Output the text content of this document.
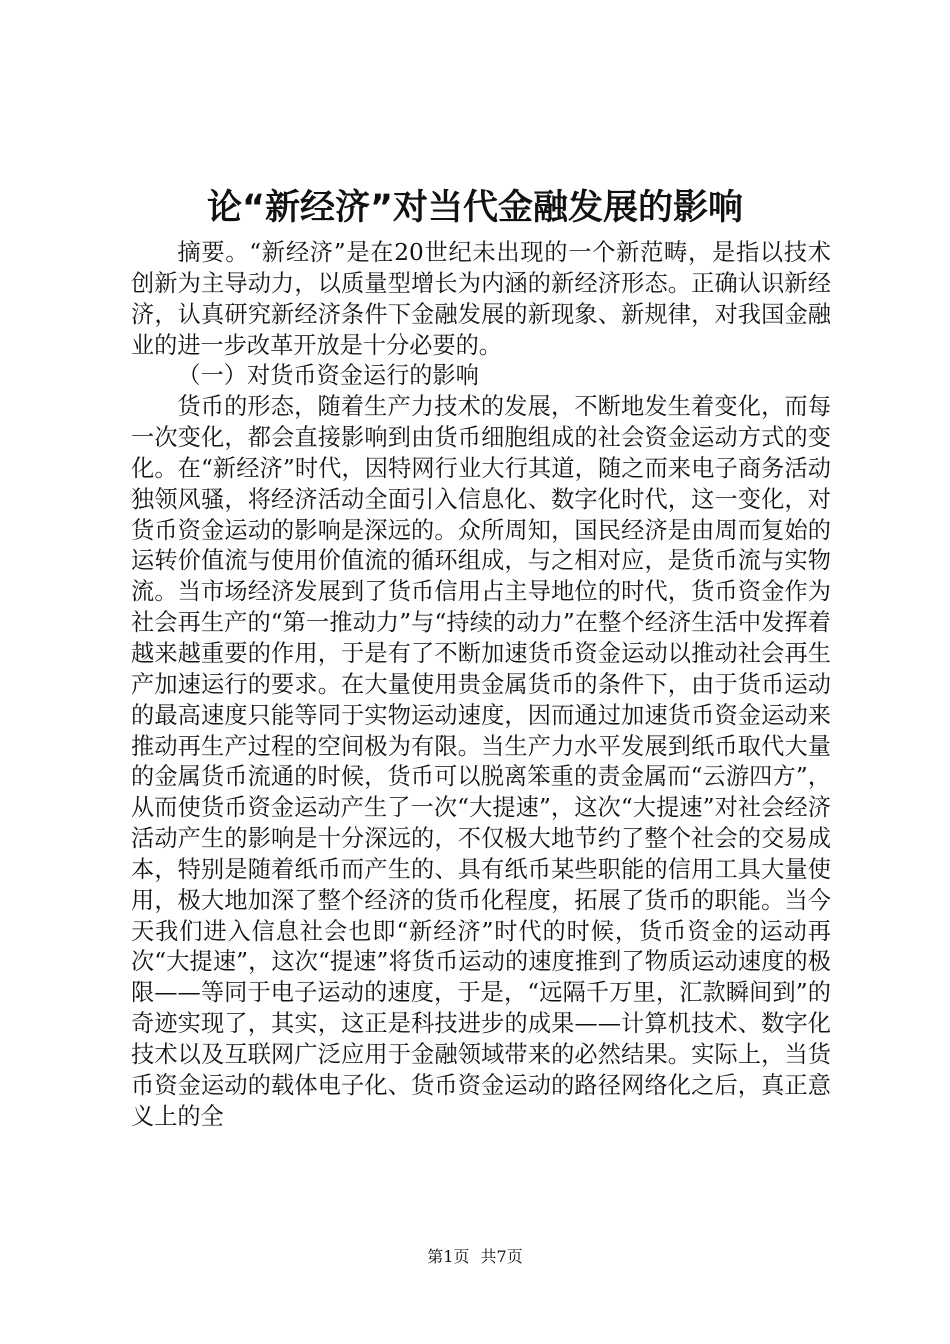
论“新经济”对当代金融发展的影响

摘要。“新经济”是在20世纪未出现的一个新范畴，是指以技术创新为主导动力，以质量型增长为内涵的新经济形态。正确认识新经济，认真研究新经济条件下金融发展的新现象、新规律，对我国金融业的进一步改革开放是十分必要的。

（一）对货币资金运行的影响

货币的形态，随着生产力技术的发展，不断地发生着变化，而每一次变化，都会直接影响到由货币细胞组成的社会资金运动方式的变化。在“新经济”时代，因特网行业大行其道，随之而来电子商务活动独领风骚，将经济活动全面引入信息化、数字化时代，这一变化，对货币资金运动的影响是深远的。众所周知，国民经济是由周而复始的运转价值流与使用价值流的循环组成，与之相对应，是货币流与实物流。当市场经济发展到了货币信用占主导地位的时代，货币资金作为社会再生产的“第一推动力”与“持续的动力”在整个经济生活中发挥着越来越重要的作用，于是有了不断加速货币资金运动以推动社会再生产加速运行的要求。在大量使用贵金属货币的条件下，由于货币运动的最高速度只能等同于实物运动速度，因而通过加速货币资金运动来推动再生产过程的空间极为有限。当生产力水平发展到纸币取代大量的金属货币流通的时候，货币可以脱离笨重的责金属而“云游四方”，从而使货币资金运动产生了一次“大提速”，这次“大提速”对社会经济活动产生的影响是十分深远的，不仅极大地节约了整个社会的交易成本，特别是随着纸币而产生的、具有纸币某些职能的信用工具大量使用，极大地加深了整个经济的货币化程度，拓展了货币的职能。当今天我们进入信息社会也即“新经济”时代的时候，货币资金的运动再次“大提速”，这次“提速”将货币运动的速度推到了物质运动速度的极限——等同于电子运动的速度，于是，“远隔千万里，汇款瞬间到”的奇迹实现了，其实，这正是科技进步的成果——计算机技术、数字化技术以及互联网广泛应用于金融领域带来的必然结果。实际上，当货币资金运动的载体电子化、货币资金运动的路径网络化之后，真正意义上的全

第1页 共7页
